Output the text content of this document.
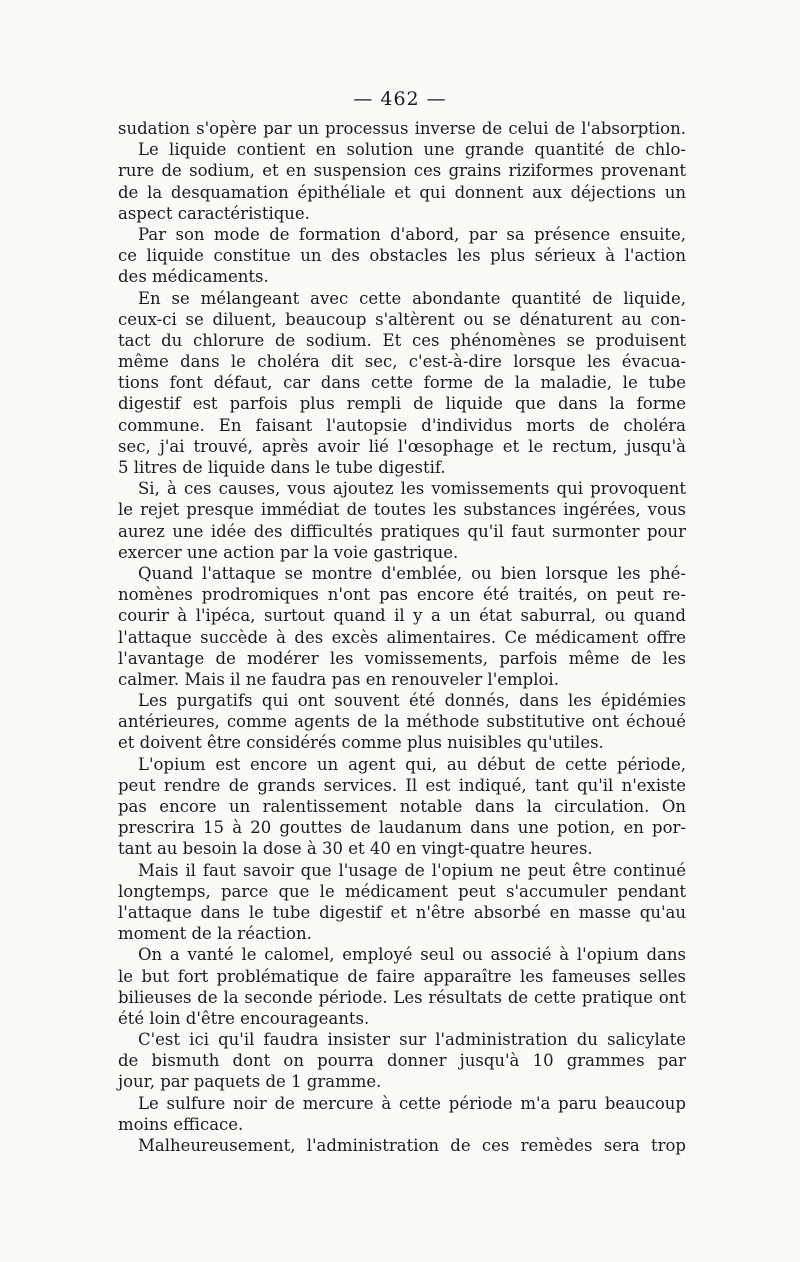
— 462 —
sudation s'opère par un processus inverse de celui de l'absorption.
Le liquide contient en solution une grande quantité de chlo-
rure de sodium, et en suspension ces grains riziformes provenant
de la desquamation épithéliale et qui donnent aux déjections un
aspect caractéristique.
Par son mode de formation d'abord, par sa présence ensuite,
ce liquide constitue un des obstacles les plus sérieux à l'action
des médicaments.
En se mélangeant avec cette abondante quantité de liquide,
ceux-ci se diluent, beaucoup s'altèrent ou se dénaturent au con-
tact du chlorure de sodium. Et ces phénomènes se produisent
même dans le choléra dit sec, c'est-à-dire lorsque les évacua-
tions font défaut, car dans cette forme de la maladie, le tube
digestif est parfois plus rempli de liquide que dans la forme
commune. En faisant l'autopsie d'individus morts de choléra
sec, j'ai trouvé, après avoir lié l'œsophage et le rectum, jusqu'à
5 litres de liquide dans le tube digestif.
Si, à ces causes, vous ajoutez les vomissements qui provoquent
le rejet presque immédiat de toutes les substances ingérées, vous
aurez une idée des difficultés pratiques qu'il faut surmonter pour
exercer une action par la voie gastrique.
Quand l'attaque se montre d'emblée, ou bien lorsque les phé-
nomènes prodromiques n'ont pas encore été traités, on peut re-
courir à l'ipéca, surtout quand il y a un état saburral, ou quand
l'attaque succède à des excès alimentaires. Ce médicament offre
l'avantage de modérer les vomissements, parfois même de les
calmer. Mais il ne faudra pas en renouveler l'emploi.
Les purgatifs qui ont souvent été donnés, dans les épidémies
antérieures, comme agents de la méthode substitutive ont échoué
et doivent être considérés comme plus nuisibles qu'utiles.
L'opium est encore un agent qui, au début de cette période,
peut rendre de grands services. Il est indiqué, tant qu'il n'existe
pas encore un ralentissement notable dans la circulation. On
prescrira 15 à 20 gouttes de laudanum dans une potion, en por-
tant au besoin la dose à 30 et 40 en vingt-quatre heures.
Mais il faut savoir que l'usage de l'opium ne peut être continué
longtemps, parce que le médicament peut s'accumuler pendant
l'attaque dans le tube digestif et n'être absorbé en masse qu'au
moment de la réaction.
On a vanté le calomel, employé seul ou associé à l'opium dans
le but fort problématique de faire apparaître les fameuses selles
bilieuses de la seconde période. Les résultats de cette pratique ont
été loin d'être encourageants.
C'est ici qu'il faudra insister sur l'administration du salicylate
de bismuth dont on pourra donner jusqu'à 10 grammes par
jour, par paquets de 1 gramme.
Le sulfure noir de mercure à cette période m'a paru beaucoup
moins efficace.
Malheureusement, l'administration de ces remèdes sera trop
